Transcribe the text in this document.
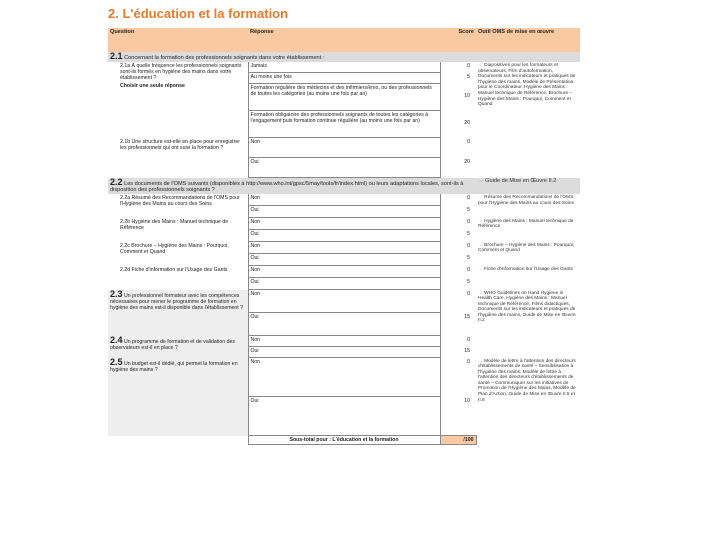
2. L'éducation et la formation
Question	Réponse	Score	Outil OMS de mise en œuvre
2.1 Concernant la formation des professionnels soignants dans votre établissement :			

2.1a À quelle fréquence les professionnels soignants sont-ils formés en hygiène des mains dans votre établissement ?
Choisir une seule réponse	Jamais	0	→ Diapositives pour les formateurs et observateurs, Film d'autoformation, Documents sur les indicateurs et pratiques de l'hygiène des mains, Modèle de Présentation pour le Coordinateur, Hygiène des Mains : Manuel technique de Référence, Brochure – Hygiène des Mains : Pourquoi, Comment et Quand
	Au moins une fois	5	
	Formation régulière des médecins et des infirmiers/ères, ou des professionnels de toutes les catégories (au moins une fois par an)	10	
	Formation obligatoire des professionnels soignants de toutes les catégories à l'engagement puis formation continue régulière (au moins une fois par an)	20	
2.1b Une structure est-elle en place pour enregistrer les professionnels qui ont suivi la formation ?	Non	0	
	Oui	20	
2.2 Les documents de l'OMS suivants (disponibles à http://www.who.int/gpsc/5may/tools/fr/index.html) ou leurs adaptations locales, sont-ils à disposition des professionnels soignants ?			→ Guide de Mise en Œuvre II.2
2.2a Résumé des Recommandations de l'OMS pour l'Hygiène des Mains au cours des Soins	Non	0	→ Résumé des Recommandations de l'OMS pour l'Hygiène des Mains au cours des Soins
	Oui	5	
2.2b Hygiène des Mains : Manuel technique de Référence	Non	0	→ Hygiène des Mains : Manuel technique de Référence
	Oui	5	
2.2c Brochure – Hygiène des Mains : Pourquoi, Comment et Quand	Non	0	→ Brochure – Hygiène des Mains : Pourquoi, Comment et Quand
	Oui	5	
2.2d Fiche d'information sur l'Usage des Gants	Non	0	→ Fiche d'information sur l'Usage des Gants
	Oui	5	
2.3 Un professionnel formateur avec les compétences nécessaires pour mener le programme de formation en hygiène des mains est-il disponible dans l'établissement ?	Non	0	→ WHO Guidelines on Hand Hygiene in Health Care, Hygiène des Mains : Manuel technique de Référence, Films didactiques, Documents sur les indicateurs et pratiques de l'hygiène des mains, Guide de Mise en Œuvre II.2
	Oui	15	
2.4 Un programme de formation et de validation des observateurs est-il en place ?	Non	0	
	Oui	15	
2.5 Un budget est-il dédié, qui permet la formation en hygiène des mains ?	Non	0	→ Modèle de lettre à l'attention des directeurs d'établissements de santé – Sensibilisation à l'hygiène des mains, Modèle de lettre à l'attention des directeurs d'établissements de santé – Communiquer sur les initiatives de Promotion de l'Hygiène des Mains, Modèle de Plan d'Action, Guide de Mise en Œuvre II.5 et II.6
	Oui	10	
	Sous-total pour : L'éducation et la formation	/100	
